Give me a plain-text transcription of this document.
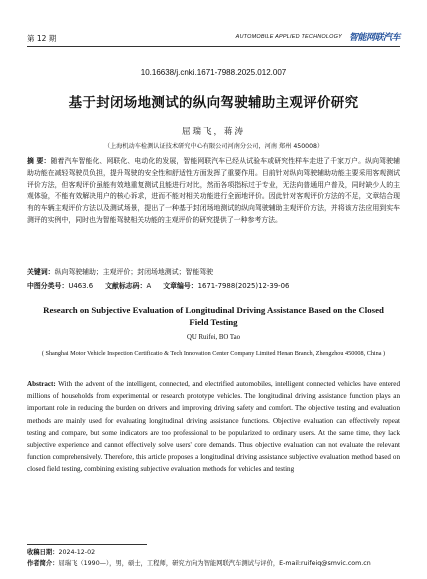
第 12 期	AUTOMOBILE APPLIED TECHNOLOGY 智能网联汽车
10.16638/j.cnki.1671-7988.2025.012.007
基于封闭场地测试的纵向驾驶辅助主观评价研究
屈瑞飞，蒋涛
（上海机动车检测认证技术研究中心有限公司河南分公司，河南 郑州 450008）
摘 要：随着汽车智能化、网联化、电动化的发展，智能网联汽车已经从试验车或研究性样车走进了千家万户。纵向驾驶辅助功能在减轻驾驶员负担，提升驾驶的安全性和舒适性方面发挥了重要作用。目前针对纵向驾驶辅助功能主要采用客观测试评价方法，但客观评价虽能有效地重复测试且能进行对比，然而各项指标过于专业，无法向普通用户普及，同时缺少人的主观体验，不能有效解决用户的核心诉求，进而不能对相关功能进行全面地评价。因此针对客观评价方法的不足，文章结合现有的车辆主观评价方法以及测试场景，提出了一种基于封闭场地测试的纵向驾驶辅助主观评价方法，并将该方法应用到实车测评的实例中，同时也为智能驾驶相关功能的主观评价的研究提供了一种参考方法。
关键词：纵向驾驶辅助；主观评价；封闭场地测试；智能驾驶
中图分类号：U463.6 文献标志码：A 文章编号：1671-7988(2025)12-39-06
Research on Subjective Evaluation of Longitudinal Driving Assistance Based on the Closed Field Testing
QU Ruifei, BO Tao
( Shanghai Motor Vehicle Inspection Certificatio & Tech Innovation Center Company Limited Henan Branch, Zhengzhou 450008, China )
Abstract: With the advent of the intelligent, connected, and electrified automobiles, intelligent connected vehicles have entered millions of households from experimental or research prototype vehicles. The longitudinal driving assistance function plays an important role in reducing the burden on drivers and improving driving safety and comfort. The objective testing and evaluation methods are mainly used for evaluating longitudinal driving assistance functions. Objective evaluation can effectively repeat testing and compare, but some indicators are too professional to be popularized to ordinary users. At the same time, they lack subjective experience and cannot effectively solve users' core demands. Thus objective evaluation can not evaluate the relevant function comprehensively. Therefore, this article proposes a longitudinal driving assistance subjective evaluation method based on closed field testing, combining existing subjective evaluation methods for vehicles and testing
收稿日期：2024-12-02
作者简介：屈瑞飞（1990—），男，硕士，工程师，研究方向为智能网联汽车测试与评价，E-mail:ruifeiq@smvic.com.cn
